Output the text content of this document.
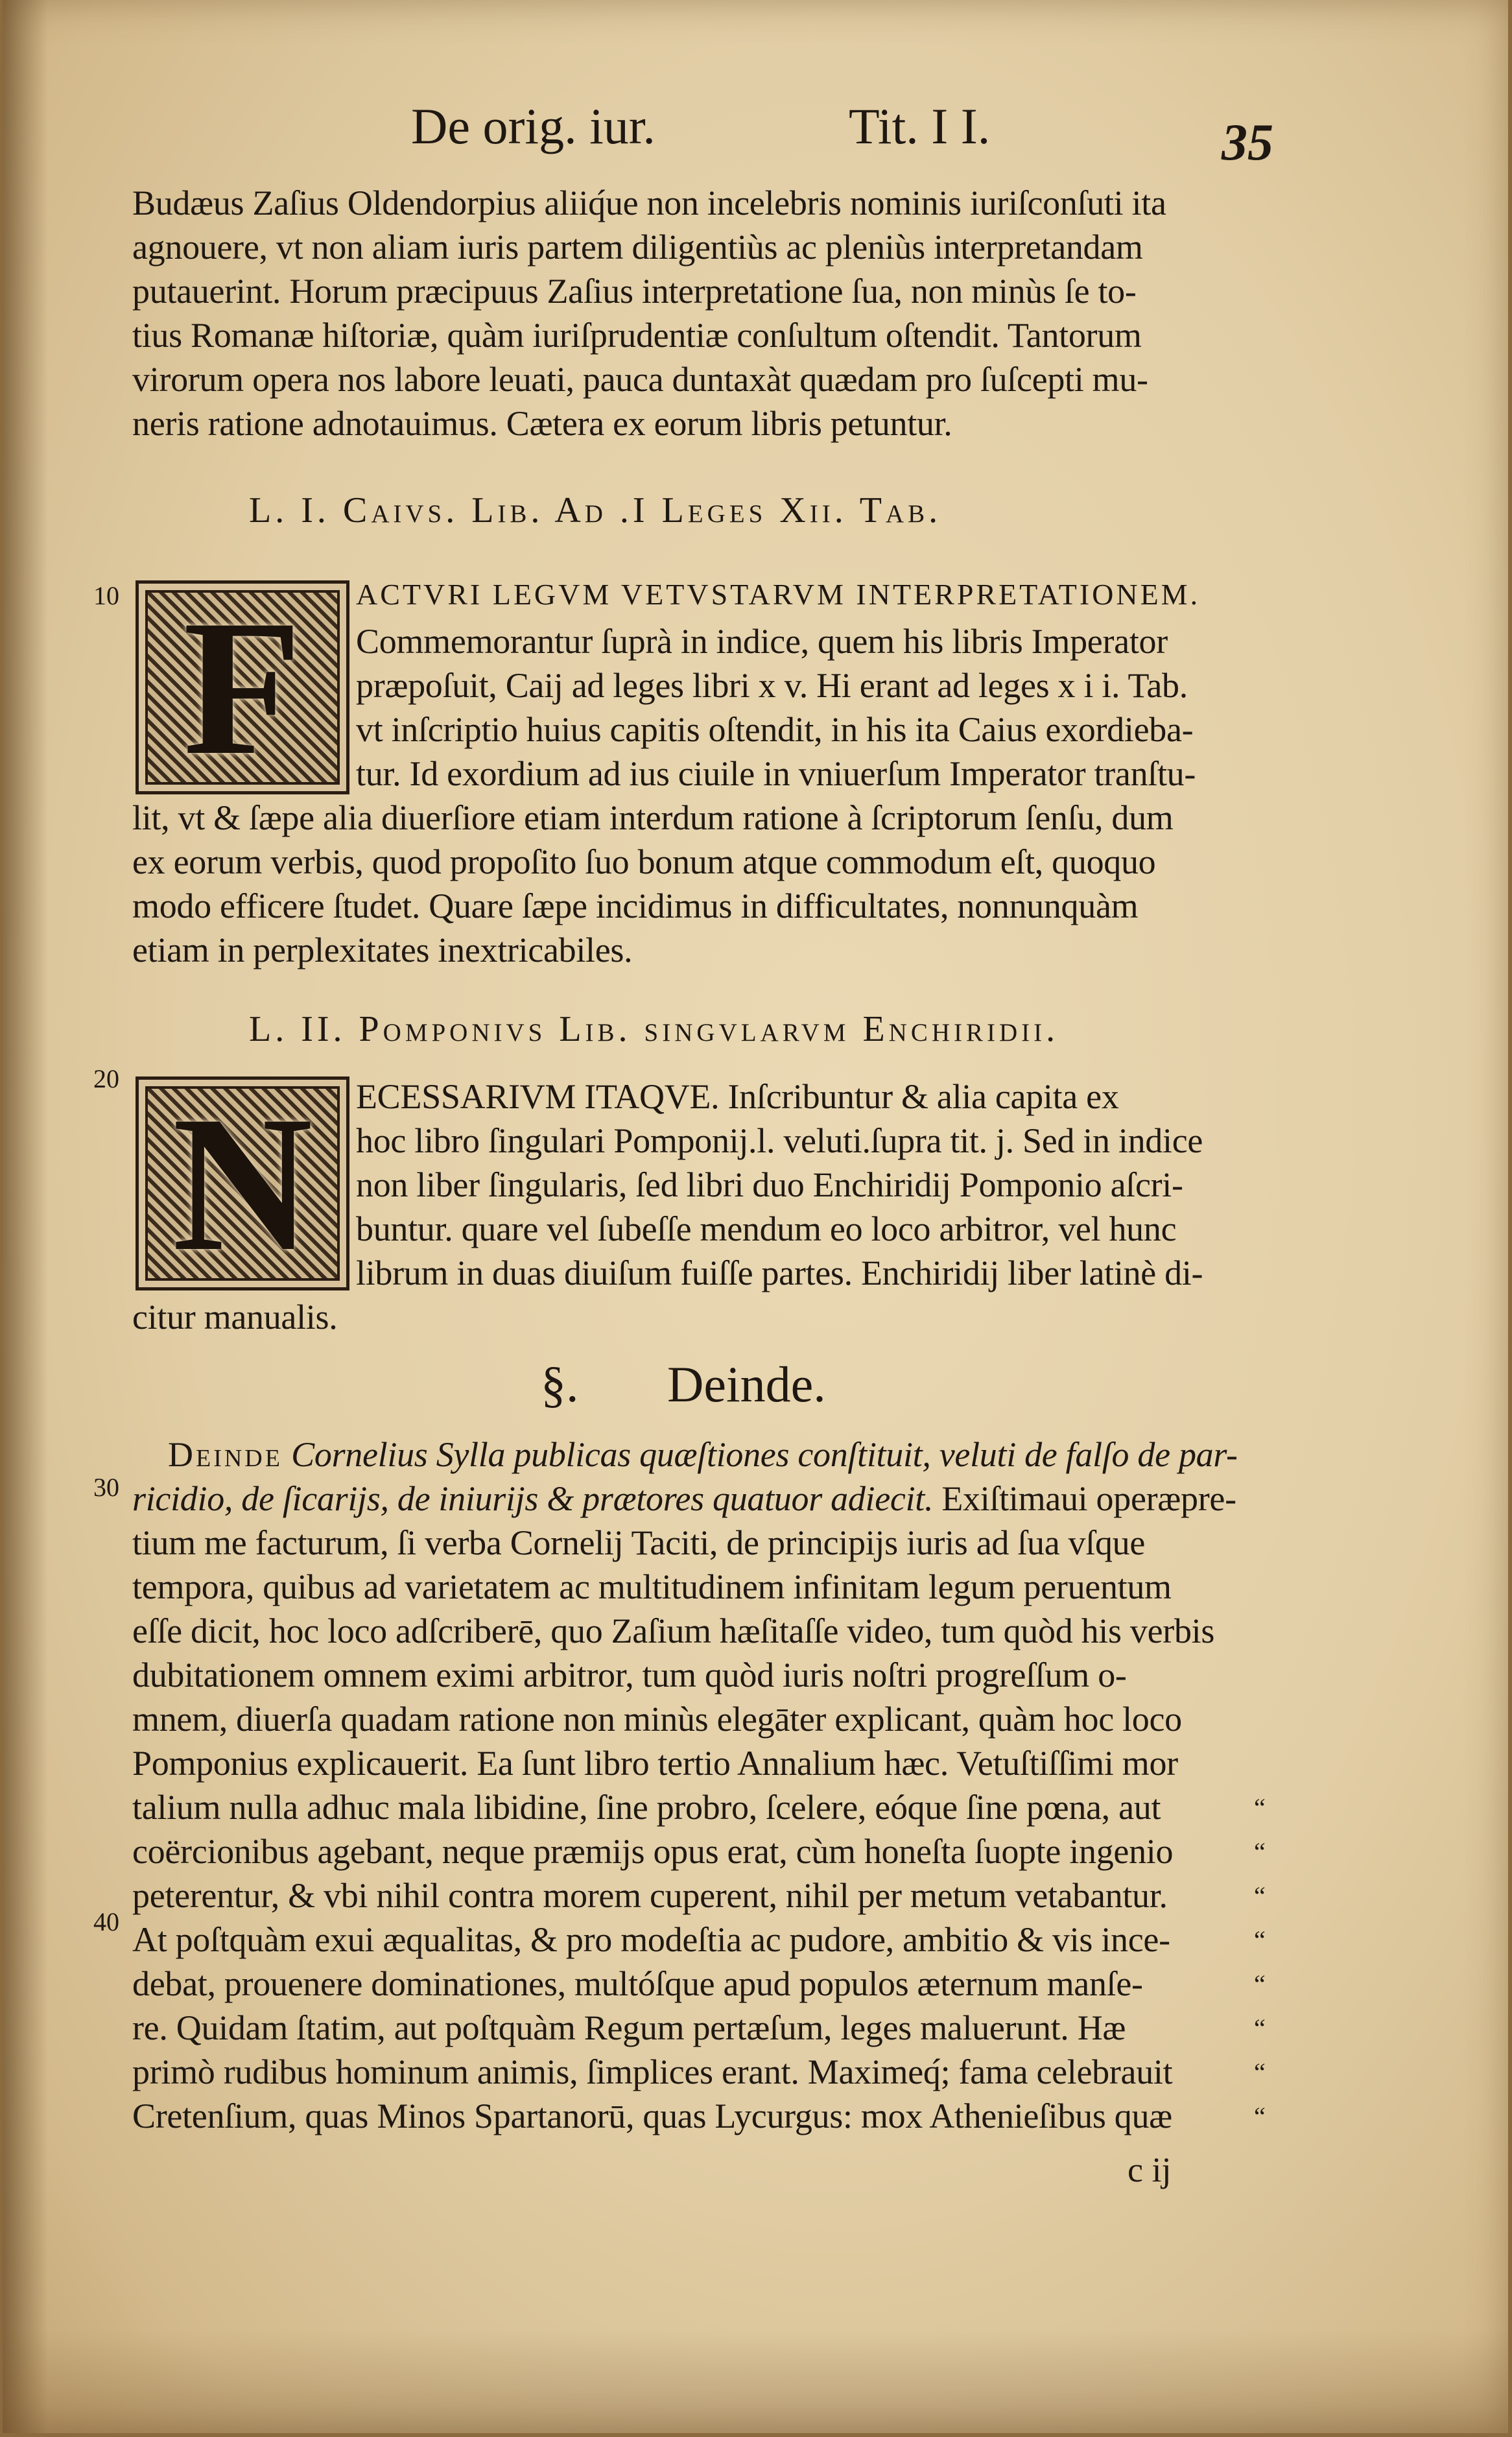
De orig. iur.	Tit. I I.	35
Budæus Zaſius Oldendorpius aliiq́ue non incelebris nominis iuriſconſuti ita
agnouere, vt non aliam iuris partem diligentiùs ac pleniùs interpretandam
putauerint. Horum præcipuus Zaſius interpretatione ſua, non minùs ſe to-
tius Romanæ hiſtoriæ, quàm iuriſprudentiæ conſultum oſtendit. Tantorum
virorum opera nos labore leuati, pauca duntaxàt quædam pro ſuſcepti mu-
neris ratione adnotauimus. Cætera ex eorum libris petuntur.
L. I. Caivs. Lib. Ad .I Leges Xii. Tab.
10 F	ACTVRI LEGVM VETVSTARVM INTERPRETATIONEM.
Commemorantur ſuprà in indice, quem his libris Imperator
præpoſuit, Caij ad leges libri x v. Hi erant ad leges x i i. Tab.
vt inſcriptio huius capitis oſtendit, in his ita Caius exordieba-
tur. Id exordium ad ius ciuile in vniuerſum Imperator tranſtu-
lit, vt & ſæpe alia diuerſiore etiam interdum ratione à ſcriptorum ſenſu, dum
ex eorum verbis, quod propoſito ſuo bonum atque commodum eſt, quoquo
modo efficere ſtudet. Quare ſæpe incidimus in difficultates, nonnunquàm
etiam in perplexitates inextricabiles.
L. II. Pomponivs Lib. singvlarvm Enchiridii.
20 N	ECESSARIVM ITAQVE. Inſcribuntur & alia capita ex
hoc libro ſingulari Pomponij.l. veluti.ſupra tit. j. Sed in indice
non liber ſingularis, ſed libri duo Enchiridij Pomponio aſcri-
buntur. quare vel ſubeſſe mendum eo loco arbitror, vel hunc
librum in duas diuiſum fuiſſe partes. Enchiridij liber latinè di-
citur manualis.
§. Deinde.
Deinde Cornelius Sylla publicas quæſtiones conſtituit, veluti de falſo de par-
30 ricidio, de ſicarijs, de iniurijs & prætores quatuor adiecit. Exiſtimaui operæpre-
tium me facturum, ſi verba Cornelij Taciti, de principijs iuris ad ſua vſque
tempora, quibus ad varietatem ac multitudinem infinitam legum peruentum
eſſe dicit, hoc loco adſcriberē, quo Zaſium hæſitaſſe video, tum quòd his verbis
dubitationem omnem eximi arbitror, tum quòd iuris noſtri progreſſum o-
mnem, diuerſa quadam ratione non minùs elegāter explicant, quàm hoc loco
Pomponius explicauerit. Ea ſunt libro tertio Annalium hæc. Vetuſtiſſimi mor
talium nulla adhuc mala libidine, ſine probro, ſcelere, eóque ſine pœna, aut
coërcionibus agebant, neque præmijs opus erat, cùm honeſta ſuopte ingenio
peterentur, & vbi nihil contra morem cuperent, nihil per metum vetabantur.
40 At poſtquàm exui æqualitas, & pro modeſtia ac pudore, ambitio & vis ince-
debat, prouenere dominationes, multóſque apud populos æternum manſe-
re. Quidam ſtatim, aut poſtquàm Regum pertæſum, leges maluerunt. Hæ
primò rudibus hominum animis, ſimplices erant. Maximeq́; fama celebrauit
Cretenſium, quas Minos Spartanorū, quas Lycurgus: mox Athenieſibus quæ
“
“
“
“
“
“
“
“
c ij
